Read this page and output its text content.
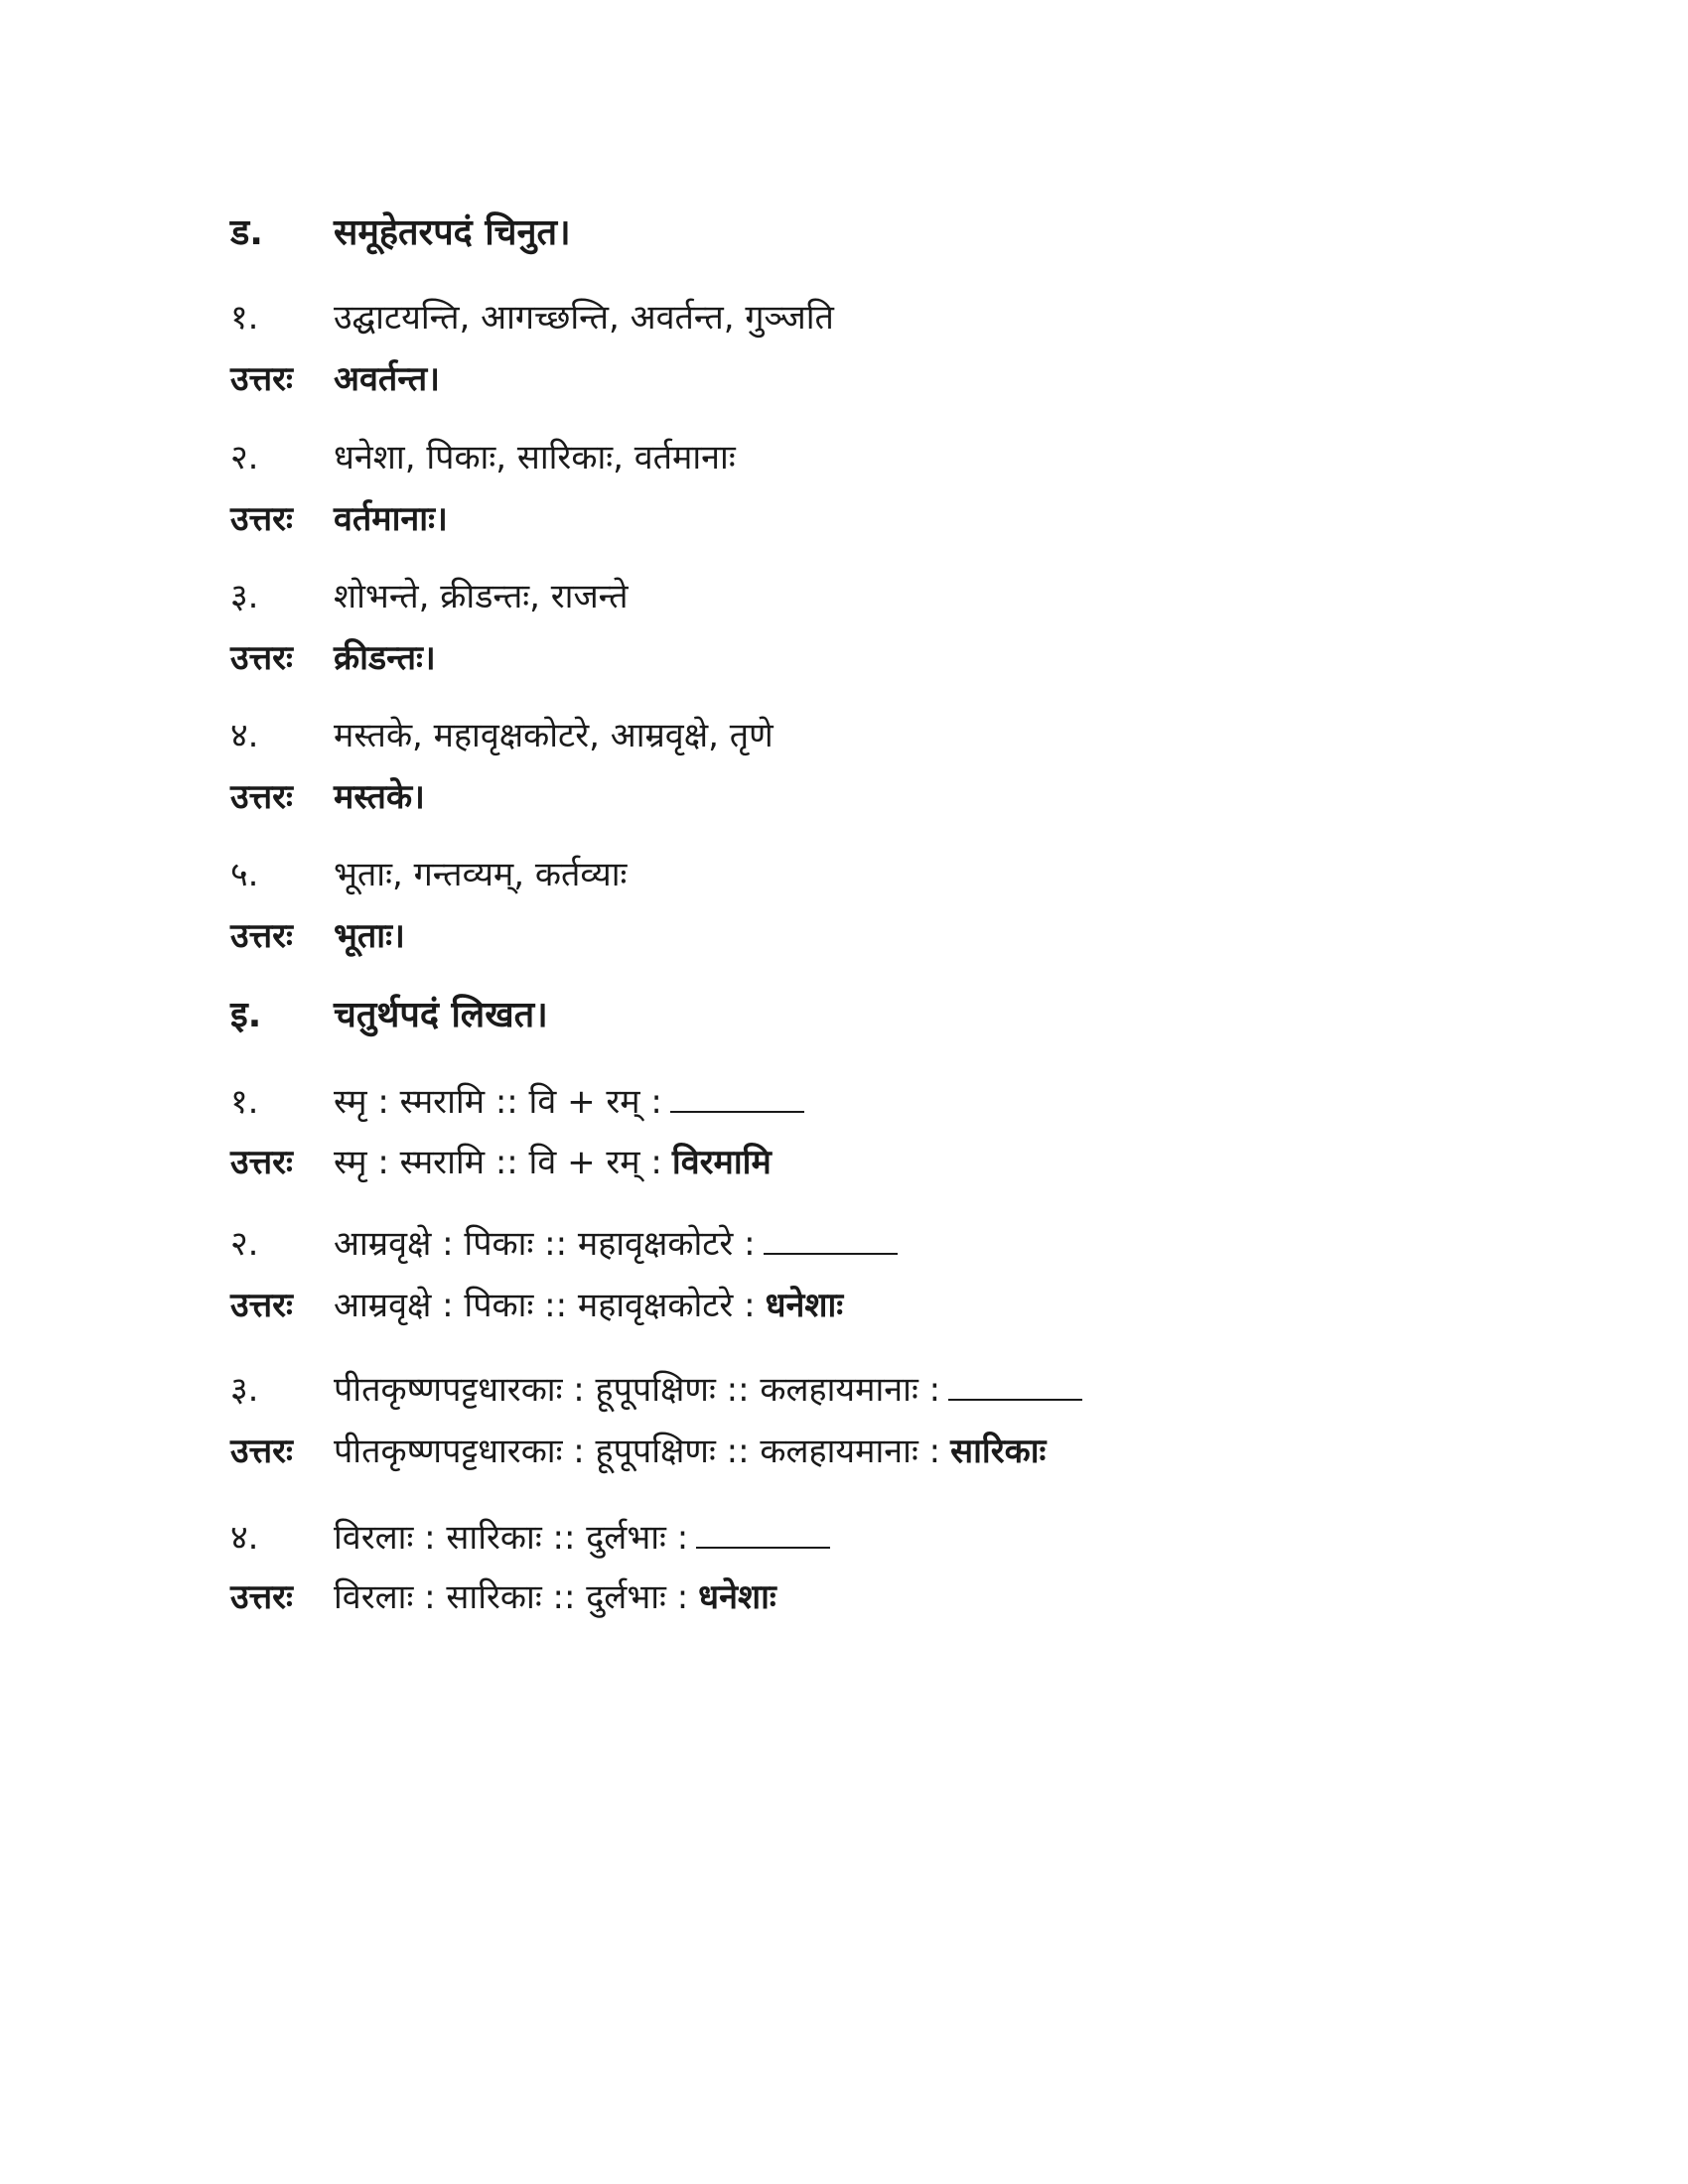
ड.	समूहेतरपदं चिनुत।
१.	उद्घाटयन्ति, आगच्छन्ति, अवर्तन्त, गुञ्जति
उत्तरः	अवर्तन्त।
२.	धनेशा, पिकाः, सारिकाः, वर्तमानाः
उत्तरः	वर्तमानाः।
३.	शोभन्ते, क्रीडन्तः, राजन्ते
उत्तरः	क्रीडन्तः।
४.	मस्तके, महावृक्षकोटरे, आम्रवृक्षे, तृणे
उत्तरः	मस्तके।
५.	भूताः, गन्तव्यम्, कर्तव्याः
उत्तरः	भूताः।
इ.	चतुर्थपदं लिखत।
१.	स्मृ : स्मरामि :: वि + रम् :
उत्तरः	स्मृ : स्मरामि :: वि + रम् : विरमामि
२.	आम्रवृक्षे : पिकाः :: महावृक्षकोटरे :
उत्तरः	आम्रवृक्षे : पिकाः :: महावृक्षकोटरे : धनेशाः
३.	पीतकृष्णपट्टधारकाः : हूपूपक्षिणः :: कलहायमानाः :
उत्तरः	पीतकृष्णपट्टधारकाः : हूपूपक्षिणः :: कलहायमानाः : सारिकाः
४.	विरलाः : सारिकाः :: दुर्लभाः :
उत्तरः	विरलाः : सारिकाः :: दुर्लभाः : धनेशाः
